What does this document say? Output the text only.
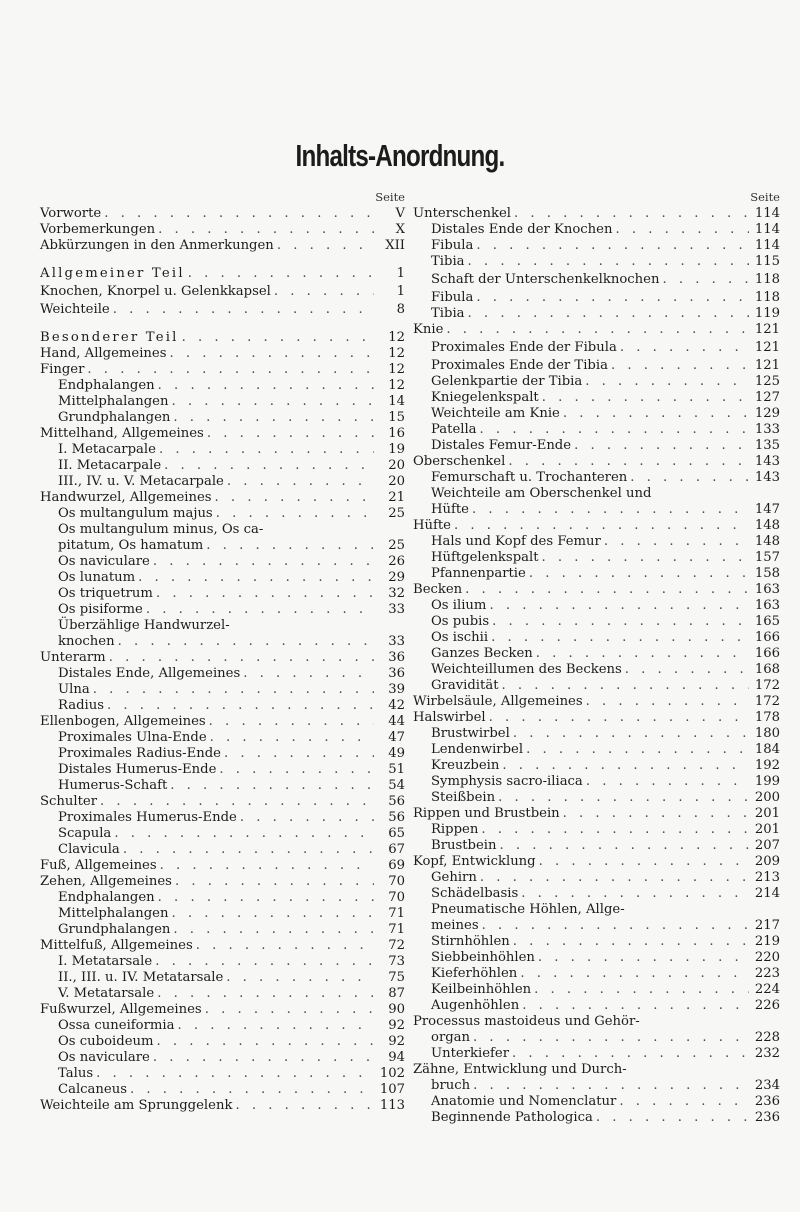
Inhalts-Anordnung.
Seite
Vorworte . . .	V
Vorbemerkungen . . .	X
Abkürzungen in den Anmerkungen . . .	XII
Allgemeiner Teil . . .	1
Knochen, Knorpel u. Gelenkkapsel . . .	1
Weichteile . . .	8
Besonderer Teil . . .	12
Hand, Allgemeines . . .	12
Finger . . .	12
Endphalangen . . .	12
Mittelphalangen . . .	14
Grundphalangen . . .	15
Mittelhand, Allgemeines . . .	16
I. Metacarpale . . .	19
II. Metacarpale . . .	20
III., IV. u. V. Metacarpale . . .	20
Handwurzel, Allgemeines . . .	21
Os multangulum majus . . .	25
Os multangulum minus, Os ca-
pitatum, Os hamatum . . .	25
Os naviculare . . .	26
Os lunatum . . .	29
Os triquetrum . . .	32
Os pisiforme . . .	33
Überzählige Handwurzel-
knochen . . .	33
Unterarm . . .	36
Distales Ende, Allgemeines . . .	36
Ulna . . .	39
Radius . . .	42
Ellenbogen, Allgemeines . . .	44
Proximales Ulna-Ende . . .	47
Proximales Radius-Ende . . .	49
Distales Humerus-Ende . . .	51
Humerus-Schaft . . .	54
Schulter . . .	56
Proximales Humerus-Ende . . .	56
Scapula . . .	65
Clavicula . . .	67
Fuß, Allgemeines . . .	69
Zehen, Allgemeines . . .	70
Endphalangen . . .	70
Mittelphalangen . . .	71
Grundphalangen . . .	71
Mittelfuß, Allgemeines . . .	72
I. Metatarsale . . .	73
II., III. u. IV. Metatarsale . . .	75
V. Metatarsale . . .	87
Fußwurzel, Allgemeines . . .	90
Ossa cuneiformia . . .	92
Os cuboideum . . .	92
Os naviculare . . .	94
Talus . . .	102
Calcaneus . . .	107
Weichteile am Sprunggelenk . . .	113
Seite
Unterschenkel . . .	114
Distales Ende der Knochen . . .	114
Fibula . . .	114
Tibia . . .	115
Schaft der Unterschenkelknochen . . .	118
Fibula . . .	118
Tibia . . .	119
Knie . . .	121
Proximales Ende der Fibula . . .	121
Proximales Ende der Tibia . . .	121
Gelenkpartie der Tibia . . .	125
Kniegelenkspalt . . .	127
Weichteile am Knie . . .	129
Patella . . .	133
Distales Femur-Ende . . .	135
Oberschenkel . . .	143
Femurschaft u. Trochanteren . . .	143
Weichteile am Oberschenkel und
Hüfte . . .	147
Hüfte . . .	148
Hals und Kopf des Femur . . .	148
Hüftgelenkspalt . . .	157
Pfannenpartie . . .	158
Becken . . .	163
Os ilium . . .	163
Os pubis . . .	165
Os ischii . . .	166
Ganzes Becken . . .	166
Weichteillumen des Beckens . . .	168
Gravidität . . .	172
Wirbelsäule, Allgemeines . . .	172
Halswirbel . . .	178
Brustwirbel . . .	180
Lendenwirbel . . .	184
Kreuzbein . . .	192
Symphysis sacro-iliaca . . .	199
Steißbein . . .	200
Rippen und Brustbein . . .	201
Rippen . . .	201
Brustbein . . .	207
Kopf, Entwicklung . . .	209
Gehirn . . .	213
Schädelbasis . . .	214
Pneumatische Höhlen, Allge-
meines . . .	217
Stirnhöhlen . . .	219
Siebbeinhöhlen . . .	220
Kieferhöhlen . . .	223
Keilbeinhöhlen . . .	224
Augenhöhlen . . .	226
Processus mastoideus und Gehör-
organ . . .	228
Unterkiefer . . .	232
Zähne, Entwicklung und Durch-
bruch . . .	234
Anatomie und Nomenclatur . . .	236
Beginnende Pathologica . . .	236
